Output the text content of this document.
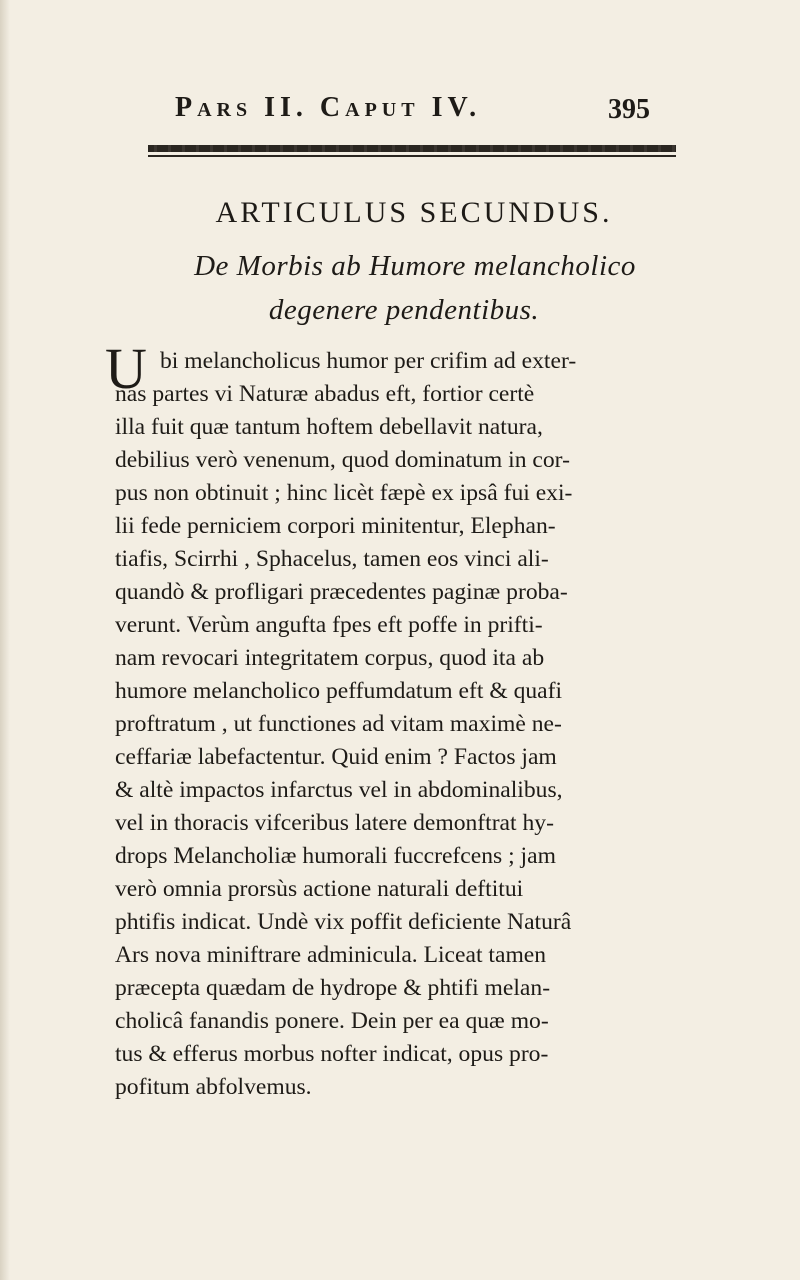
Pars II. Caput IV.	395
ARTICULUS SECUNDUS.
De Morbis ab Humore melancholico
degenere pendentibus.
U bi melancholicus humor per crifim ad exter-
nas partes vi Naturæ abadus eft, fortior certè
illa fuit quæ tantum hoftem debellavit natura,
debilius verò venenum, quod dominatum in cor-
pus non obtinuit ; hinc licèt fæpè ex ipsâ fui exi-
lii fede perniciem corpori minitentur, Elephan-
tiafis, Scirrhi , Sphacelus, tamen eos vinci ali-
quandò & profligari præcedentes paginæ proba-
verunt. Verùm angufta fpes eft poffe in prifti-
nam revocari integritatem corpus, quod ita ab
humore melancholico peffumdatum eft & quafi
proftratum , ut functiones ad vitam maximè ne-
ceffariæ labefactentur. Quid enim ? Factos jam
& altè impactos infarctus vel in abdominalibus,
vel in thoracis vifceribus latere demonftrat hy-
drops Melancholiæ humorali fuccrefcens ; jam
verò omnia prorsùs actione naturali deftitui
phtifis indicat. Undè vix poffit deficiente Naturâ
Ars nova miniftrare adminicula. Liceat tamen
præcepta quædam de hydrope & phtifi melan-
cholicâ fanandis ponere. Dein per ea quæ mo-
tus & efferus morbus nofter indicat, opus pro-
pofitum abfolvemus.
